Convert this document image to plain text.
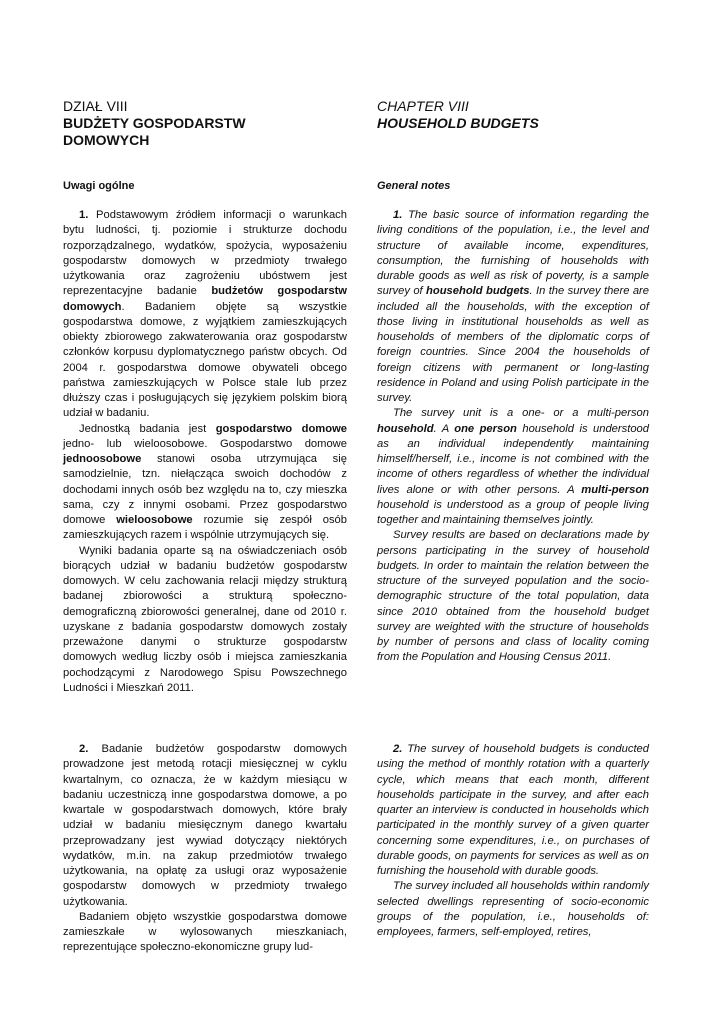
DZIAŁ VIII
BUDŻETY GOSPODARSTW
DOMOWYCH
Uwagi ogólne

1. Podstawowym źródłem informacji o warunkach bytu ludności, tj. poziomie i strukturze dochodu rozporządzalnego, wydatków, spożycia, wyposażeniu gospodarstw domowych w przedmioty trwałego użytkowania oraz zagrożeniu ubóstwem jest reprezentacyjne badanie budżetów gospodarstw domowych. Badaniem objęte są wszystkie gospodarstwa domowe, z wyjątkiem zamieszkujących obiekty zbiorowego zakwaterowania oraz gospodarstw członków korpusu dyplomatycznego państw obcych. Od 2004 r. gospodarstwa domowe obywateli obcego państwa zamieszkujących w Polsce stale lub przez dłuższy czas i posługujących się językiem polskim biorą udział w badaniu.

Jednostką badania jest gospodarstwo domowe jedno- lub wieloosobowe. Gospodarstwo domowe jednoosobowe stanowi osoba utrzymująca się samodzielnie, tzn. niełącząca swoich dochodów z dochodami innych osób bez względu na to, czy mieszka sama, czy z innymi osobami. Przez gospodarstwo domowe wieloosobowe rozumie się zespół osób zamieszkujących razem i wspólnie utrzymujących się.

Wyniki badania oparte są na oświadczeniach osób biorących udział w badaniu budżetów gospodarstw domowych. W celu zachowania relacji między strukturą badanej zbiorowości a strukturą społeczno-demograficzną zbiorowości generalnej, dane od 2010 r. uzyskane z badania gospodarstw domowych zostały przeważone danymi o strukturze gospodarstw domowych według liczby osób i miejsca zamieszkania pochodzącymi z Narodowego Spisu Powszechnego Ludności i Mieszkań 2011.

2. Badanie budżetów gospodarstw domowych prowadzone jest metodą rotacji miesięcznej w cyklu kwartalnym, co oznacza, że w każdym miesiącu w badaniu uczestniczą inne gospodarstwa domowe, a po kwartale w gospodarstwach domowych, które brały udział w badaniu miesięcznym danego kwartału przeprowadzany jest wywiad dotyczący niektórych wydatków, m.in. na zakup przedmiotów trwałego użytkowania, na opłatę za usługi oraz wyposażenie gospodarstw domowych w przedmioty trwałego użytkowania.

Badaniem objęto wszystkie gospodarstwa domowe zamieszkałe w wylosowanych mieszkaniach, reprezentujące społeczno-ekonomiczne grupy lud-

CHAPTER VIII
HOUSEHOLD BUDGETS
General notes

1. The basic source of information regarding the living conditions of the population, i.e., the level and structure of available income, expenditures, consumption, the furnishing of households with durable goods as well as risk of poverty, is a sample survey of household budgets. In the survey there are included all the households, with the exception of those living in institutional households as well as households of members of the diplomatic corps of foreign countries. Since 2004 the households of foreign citizens with permanent or long-lasting residence in Poland and using Polish participate in the survey.

The survey unit is a one- or a multi-person household. A one person household is understood as an individual independently maintaining himself/herself, i.e., income is not combined with the income of others regardless of whether the individual lives alone or with other persons. A multi-person household is understood as a group of people living together and maintaining themselves jointly.

Survey results are based on declarations made by persons participating in the survey of household budgets. In order to maintain the relation between the structure of the surveyed population and the socio-demographic structure of the total population, data since 2010 obtained from the household budget survey are weighted with the structure of households by number of persons and class of locality coming from the Population and Housing Census 2011.

2. The survey of household budgets is conducted using the method of monthly rotation with a quarterly cycle, which means that each month, different households participate in the survey, and after each quarter an interview is conducted in households which participated in the monthly survey of a given quarter concerning some expenditures, i.e., on purchases of durable goods, on payments for services as well as on furnishing the household with durable goods.

The survey included all households within randomly selected dwellings representing of socio-economic groups of the population, i.e., households of: employees, farmers, self-employed, retires,
